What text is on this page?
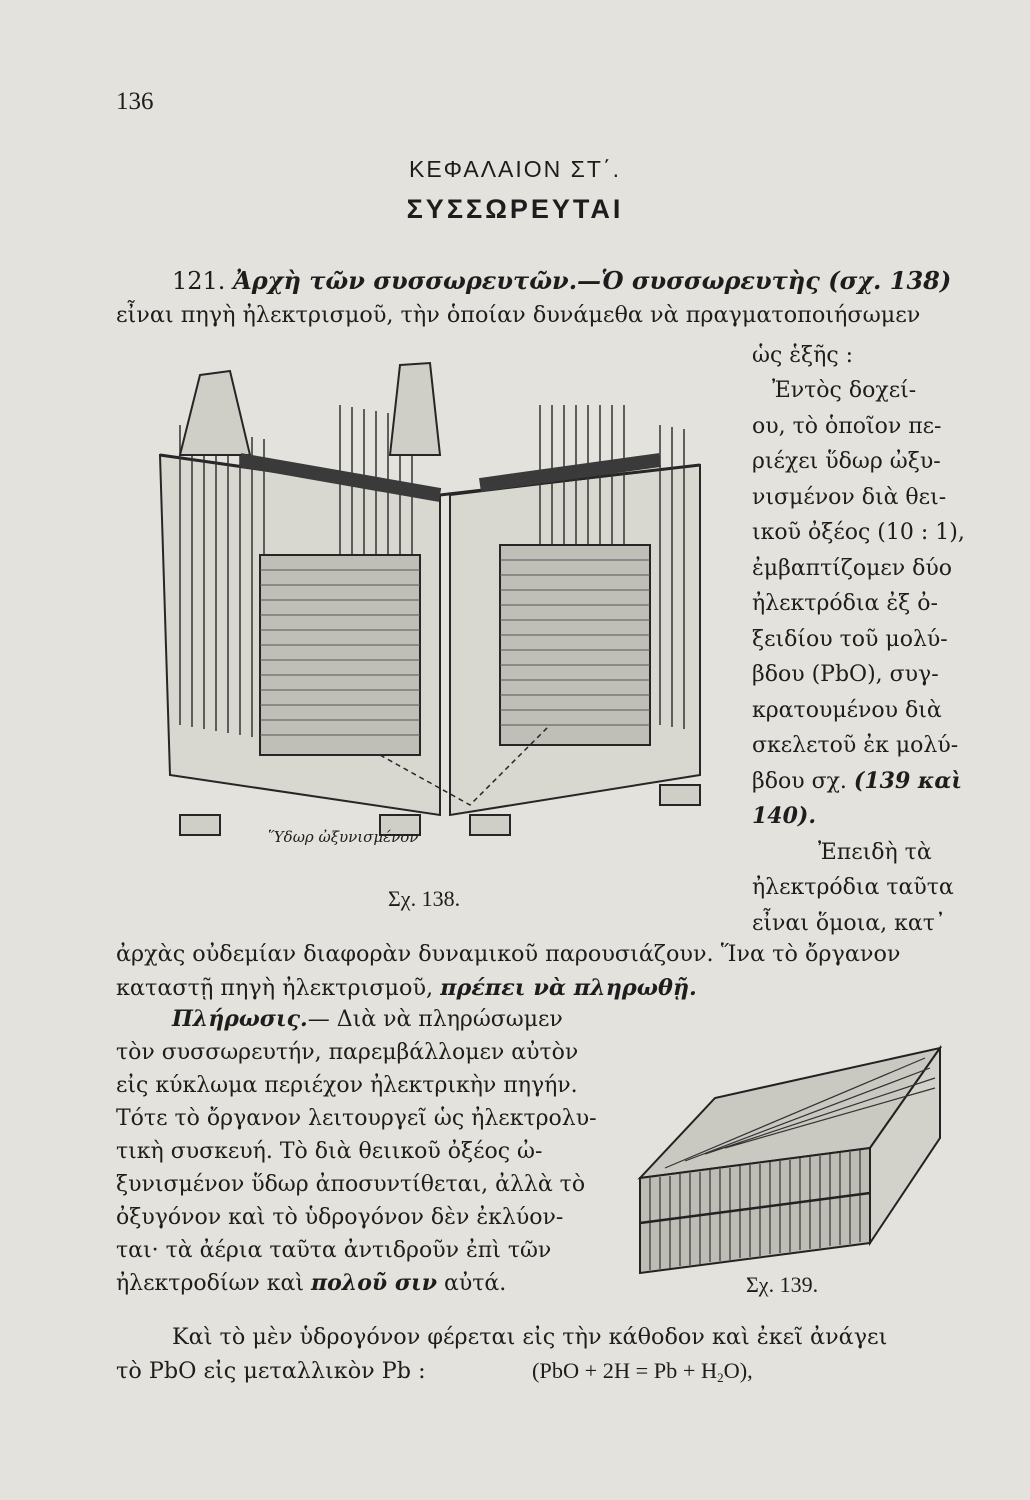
136
ΚΕΦΑΛΑΙΟΝ ΣΤ΄.
ΣΥΣΣΩΡΕΥΤΑΙ
121. Ἀρχὴ τῶν συσσωρευτῶν.—Ὁ συσσωρευτὴς (σχ. 138)
εἶναι πηγὴ ἠλεκτρισμοῦ, τὴν ὁποίαν δυνάμεθα νὰ πραγματοποιήσωμεν
Ὕδωρ ὠξυνισμένον
Σχ. 138.
ὡς ἑξῆς :
Ἐντὸς δοχεί-
ου, τὸ ὁποῖον πε-
ριέχει ὕδωρ ὠξυ-
νισμένον διὰ θει-
ικοῦ ὀξέος (10 : 1),
ἐμβαπτίζομεν δύο
ἠλεκτρόδια ἐξ ὀ-
ξειδίου τοῦ μολύ-
βδου (PbO), συγ-
κρατουμένου διὰ
σκελετοῦ ἐκ μολύ-
βδου σχ. (139 καὶ
140).
Ἐπειδὴ τὰ
ἠλεκτρόδια ταῦτα
εἶναι ὅμοια, κατ᾽
ἀρχὰς οὐδεμίαν διαφορὰν δυναμικοῦ παρουσιάζουν. Ἵνα τὸ ὄργανον
καταστῇ πηγὴ ἠλεκτρισμοῦ, πρέπει νὰ πληρωθῇ.
Πλήρωσις.— Διὰ νὰ πληρώσωμεν
τὸν συσσωρευτήν, παρεμβάλλομεν αὐτὸν
εἰς κύκλωμα περιέχον ἠλεκτρικὴν πηγήν.
Τότε τὸ ὄργανον λειτουργεῖ ὡς ἠλεκτρολυ-
τικὴ συσκευή. Τὸ διὰ θειικοῦ ὀξέος ὠ-
ξυνισμένον ὕδωρ ἀποσυντίθεται, ἀλλὰ τὸ
ὀξυγόνον καὶ τὸ ὑδρογόνον δὲν ἐκλύον-
ται· τὰ ἀέρια ταῦτα ἀντιδροῦν ἐπὶ τῶν
ἠλεκτροδίων καὶ πολοῦ σιν αὐτά.	Σχ. 139.
Καὶ τὸ μὲν ὑδρογόνον φέρεται εἰς τὴν κάθοδον καὶ ἐκεῖ ἀνάγει
τὸ PbO εἰς μεταλλικὸν Pb :	$(PbO + 2H = Pb + H_2O)$,
